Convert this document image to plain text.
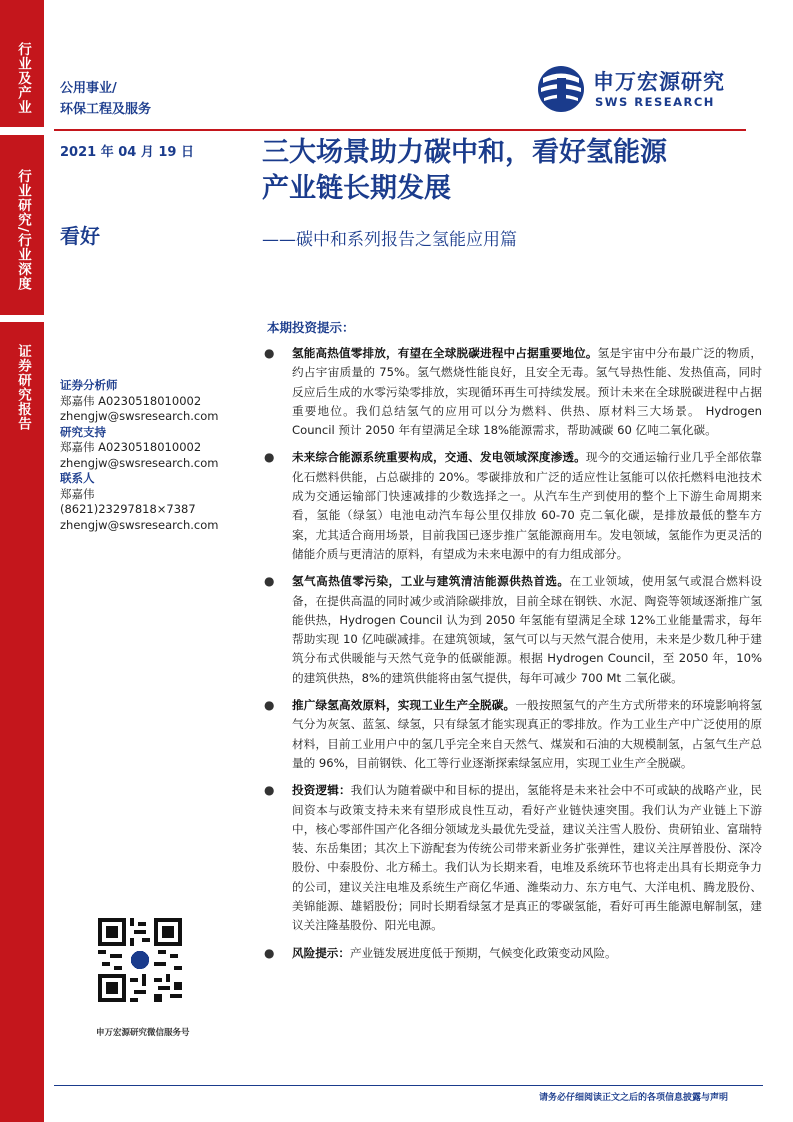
行业及产业
行业研究/行业深度
证券研究报告
公用事业/
环保工程及服务
2021 年 04 月 19 日
看好
申万宏源研究
SWS RESEARCH
三大场景助力碳中和，看好氢能源
产业链长期发展
——碳中和系列报告之氢能应用篇
证券分析师
郑嘉伟 A0230518010002
zhengjw@swsresearch.com
研究支持
郑嘉伟 A0230518010002
zhengjw@swsresearch.com
联系人
郑嘉伟
(8621)23297818×7387
zhengjw@swsresearch.com
本期投资提示：
● 氢能高热值零排放，有望在全球脱碳进程中占据重要地位。氢是宇宙中分布最广泛的物质，约占宇宙质量的 75%。氢气燃烧性能良好，且安全无毒。氢气导热性能、发热值高，同时反应后生成的水零污染零排放，实现循环再生可持续发展。预计未来在全球脱碳进程中占据重要地位。我们总结氢气的应用可以分为燃料、供热、原材料三大场景。 Hydrogen Council 预计 2050 年有望满足全球 18%能源需求，帮助减碳 60 亿吨二氧化碳。
● 未来综合能源系统重要构成，交通、发电领域深度渗透。现今的交通运输行业几乎全部依靠化石燃料供能，占总碳排的 20%。零碳排放和广泛的适应性让氢能可以依托燃料电池技术成为交通运输部门快速减排的少数选择之一。从汽车生产到使用的整个上下游生命周期来看，氢能（绿氢）电池电动汽车每公里仅排放 60-70 克二氧化碳，是排放最低的整车方案，尤其适合商用场景，目前我国已逐步推广氢能源商用车。发电领域，氢能作为更灵活的储能介质与更清洁的原料，有望成为未来电源中的有力组成部分。
● 氢气高热值零污染，工业与建筑清洁能源供热首选。在工业领域，使用氢气或混合燃料设备，在提供高温的同时减少或消除碳排放，目前全球在钢铁、水泥、陶瓷等领域逐渐推广氢能供热，Hydrogen Council 认为到 2050 年氢能有望满足全球 12%工业能量需求，每年帮助实现 10 亿吨碳减排。在建筑领域，氢气可以与天然气混合使用，未来是少数几种于建筑分布式供暖能与天然气竞争的低碳能源。根据 Hydrogen Council，至 2050 年，10%的建筑供热，8%的建筑供能将由氢气提供，每年可减少 700 Mt 二氧化碳。
● 推广绿氢高效原料，实现工业生产全脱碳。一般按照氢气的产生方式所带来的环境影响将氢气分为灰氢、蓝氢、绿氢，只有绿氢才能实现真正的零排放。作为工业生产中广泛使用的原材料，目前工业用户中的氢几乎完全来自天然气、煤炭和石油的大规模制氢，占氢气生产总量的 96%，目前钢铁、化工等行业逐渐探索绿氢应用，实现工业生产全脱碳。
● 投资逻辑：我们认为随着碳中和目标的提出，氢能将是未来社会中不可或缺的战略产业，民间资本与政策支持未来有望形成良性互动，看好产业链快速突围。我们认为产业链上下游中，核心零部件国产化各细分领域龙头最优先受益，建议关注雪人股份、贵研铂业、富瑞特装、东岳集团；其次上下游配套为传统公司带来新业务扩张弹性，建议关注厚普股份、深冷股份、中泰股份、北方稀土。我们认为长期来看，电堆及系统环节也将走出具有长期竞争力的公司，建议关注电堆及系统生产商亿华通、潍柴动力、东方电气、大洋电机、腾龙股份、美锦能源、雄韬股份；同时长期看绿氢才是真正的零碳氢能，看好可再生能源电解制氢，建议关注隆基股份、阳光电源。
● 风险提示：产业链发展进度低于预期，气候变化政策变动风险。
申万宏源研究微信服务号
请务必仔细阅读正文之后的各项信息披露与声明
